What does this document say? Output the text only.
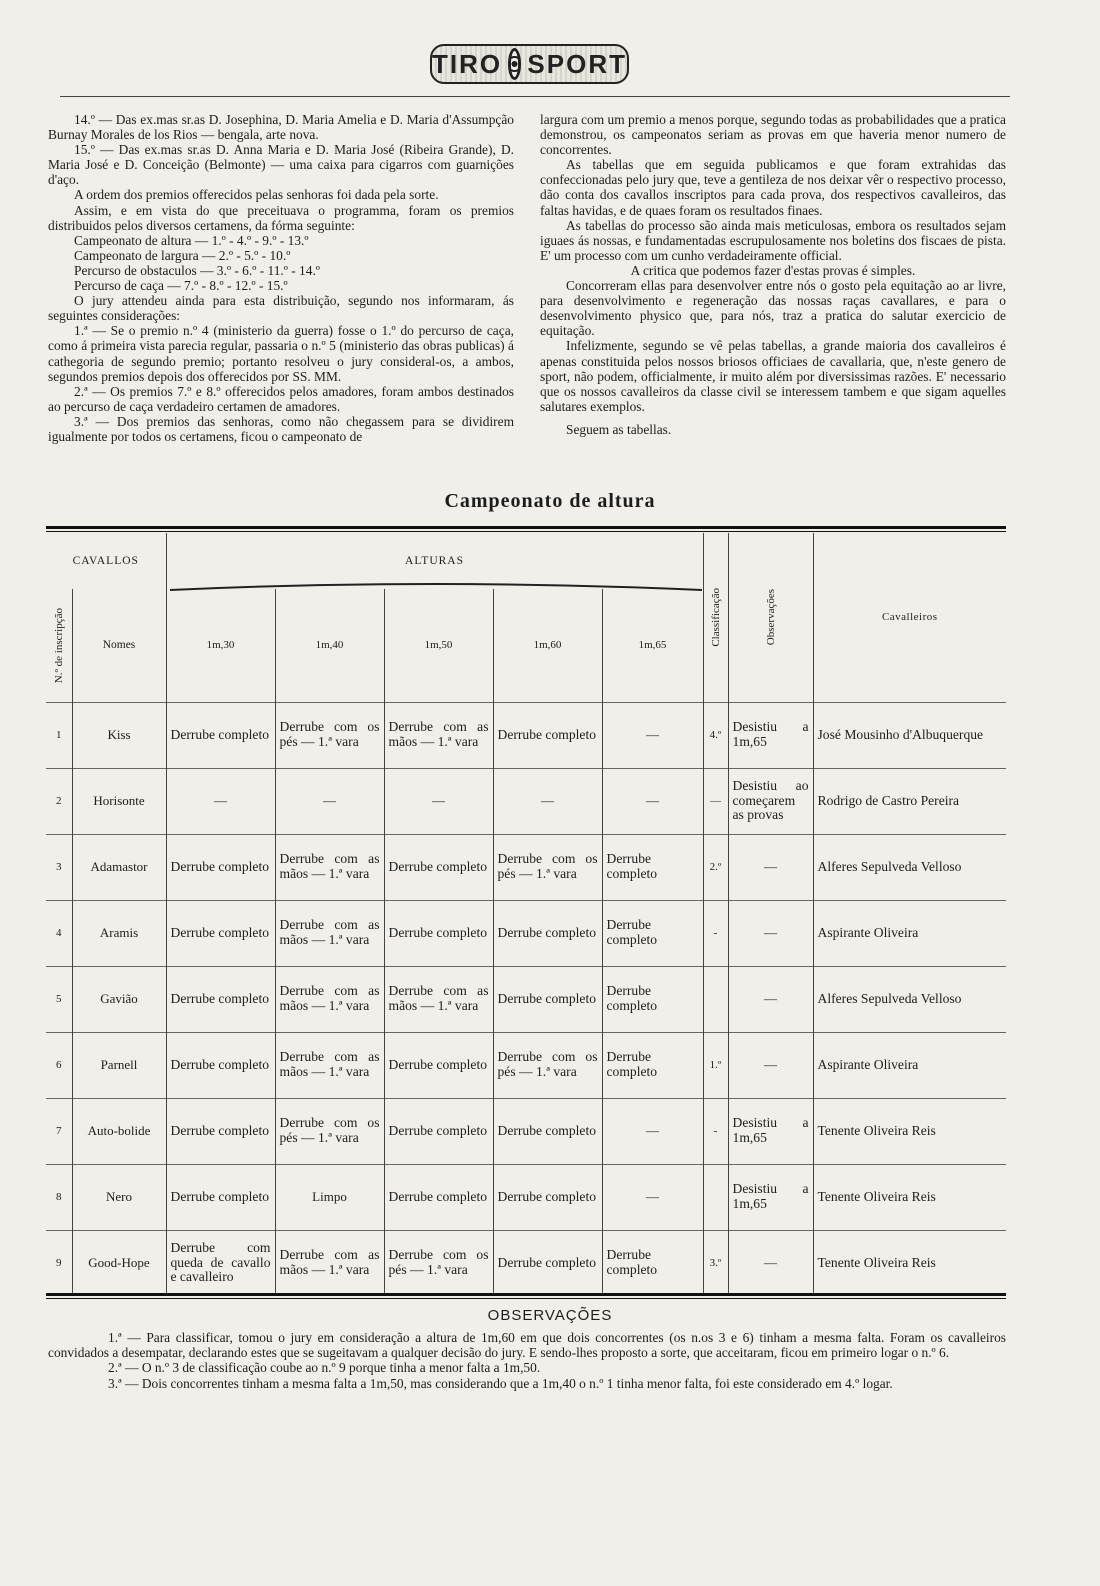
TIRO SPORT

14.º — Das ex.mas sr.as D. Josephina, D. Maria Amelia e D. Maria d'Assumpção Burnay Morales de los Rios — bengala, arte nova.

15.º — Das ex.mas sr.as D. Anna Maria e D. Maria José (Ribeira Grande), D. Maria José e D. Conceição (Belmonte) — uma caixa para cigarros com guarnições d'aço.

A ordem dos premios offerecidos pelas senhoras foi dada pela sorte.

Assim, e em vista do que preceituava o programma, foram os premios distribuidos pelos diversos certamens, da fórma seguinte:

Campeonato de altura — 1.º - 4.º - 9.º - 13.º

Campeonato de largura — 2.º - 5.º - 10.º

Percurso de obstaculos — 3.º - 6.º - 11.º - 14.º

Percurso de caça — 7.º - 8.º - 12.º - 15.º

O jury attendeu ainda para esta distribuição, segundo nos informaram, ás seguintes considerações:

1.ª — Se o premio n.º 4 (ministerio da guerra) fosse o 1.º do percurso de caça, como á primeira vista parecia regular, passaria o n.º 5 (ministerio das obras publicas) á cathegoria de segundo premio; portanto resolveu o jury consideral-os, a ambos, segundos premios depois dos offerecidos por SS. MM.

2.ª — Os premios 7.º e 8.º offerecidos pelos amadores, foram ambos destinados ao percurso de caça verdadeiro certamen de amadores.

3.ª — Dos premios das senhoras, como não chegassem para se dividirem igualmente por todos os certamens, ficou o campeonato de

largura com um premio a menos porque, segundo todas as probabilidades que a pratica demonstrou, os campeonatos seriam as provas em que haveria menor numero de concorrentes.

As tabellas que em seguida publicamos e que foram extrahidas das confeccionadas pelo jury que, teve a gentileza de nos deixar vêr o respectivo processo, dão conta dos cavallos inscriptos para cada prova, dos respectivos cavalleiros, das faltas havidas, e de quaes foram os resultados finaes.

As tabellas do processo são ainda mais meticulosas, embora os resultados sejam iguaes ás nossas, e fundamentadas escrupulosamente nos boletins dos fiscaes de pista. E' um processo com um cunho verdadeiramente official.

A critica que podemos fazer d'estas provas é simples.

Concorreram ellas para desenvolver entre nós o gosto pela equitação ao ar livre, para desenvolvimento e regeneração das nossas raças cavallares, e para o desenvolvimento physico que, para nós, traz a pratica do salutar exercicio de equitação.

Infelizmente, segundo se vê pelas tabellas, a grande maioria dos cavalleiros é apenas constituida pelos nossos briosos officiaes de cavallaria, que, n'este genero de sport, não podem, officialmente, ir muito além por diversissimas razões. E' necessario que os nossos cavalleiros da classe civil se interessem tambem e que sigam aquelles salutares exemplos.

Seguem as tabellas.

Campeonato de altura
CAVALLOS		ALTURAS					Classificação	Observações	Cavalleiros

N.º de inscripção	Nomes	1m,30	1m,40	1m,50	1m,60	1m,65			
1	Kiss	Derrube completo	Derrube com os pés — 1.ª vara	Derrube com as mãos — 1.ª vara	Derrube completo	—	4.º	Desistiu a 1m,65	José Mousinho d'Albuquerque
2	Horisonte	—	—	—	—	—	—	Desistiu ao começarem as provas	Rodrigo de Castro Pereira
3	Adamastor	Derrube completo	Derrube com as mãos — 1.ª vara	Derrube completo	Derrube com os pés — 1.ª vara	Derrube completo	2.º	—	Alferes Sepulveda Velloso
4	Aramis	Derrube completo	Derrube com as mãos — 1.ª vara	Derrube completo	Derrube completo	Derrube completo	-	—	Aspirante Oliveira
5	Gavião	Derrube completo	Derrube com as mãos — 1.ª vara	Derrube com as mãos — 1.ª vara	Derrube completo	Derrube completo		—	Alferes Sepulveda Velloso
6	Parnell	Derrube completo	Derrube com as mãos — 1.ª vara	Derrube completo	Derrube com os pés — 1.ª vara	Derrube completo	1.º	—	Aspirante Oliveira
7	Auto-bolide	Derrube completo	Derrube com os pés — 1.ª vara	Derrube completo	Derrube completo	—	-	Desistiu a 1m,65	Tenente Oliveira Reis
8	Nero	Derrube completo	Limpo	Derrube completo	Derrube completo	—		Desistiu a 1m,65	Tenente Oliveira Reis
9	Good-Hope	Derrube com queda de cavallo e cavalleiro	Derrube com as mãos — 1.ª vara	Derrube com os pés — 1.ª vara	Derrube completo	Derrube completo	3.º	—	Tenente Oliveira Reis
OBSERVAÇÕES

1.ª — Para classificar, tomou o jury em consideração a altura de 1m,60 em que dois concorrentes (os n.os 3 e 6) tinham a mesma falta. Foram os cavalleiros convidados a desempatar, declarando estes que se sugeitavam a qualquer decisão do jury. E sendo-lhes proposto a sorte, que acceitaram, ficou em primeiro logar o n.º 6.

2.ª — O n.º 3 de classificação coube ao n.º 9 porque tinha a menor falta a 1m,50.

3.ª — Dois concorrentes tinham a mesma falta a 1m,50, mas considerando que a 1m,40 o n.º 1 tinha menor falta, foi este considerado em 4.º logar.
